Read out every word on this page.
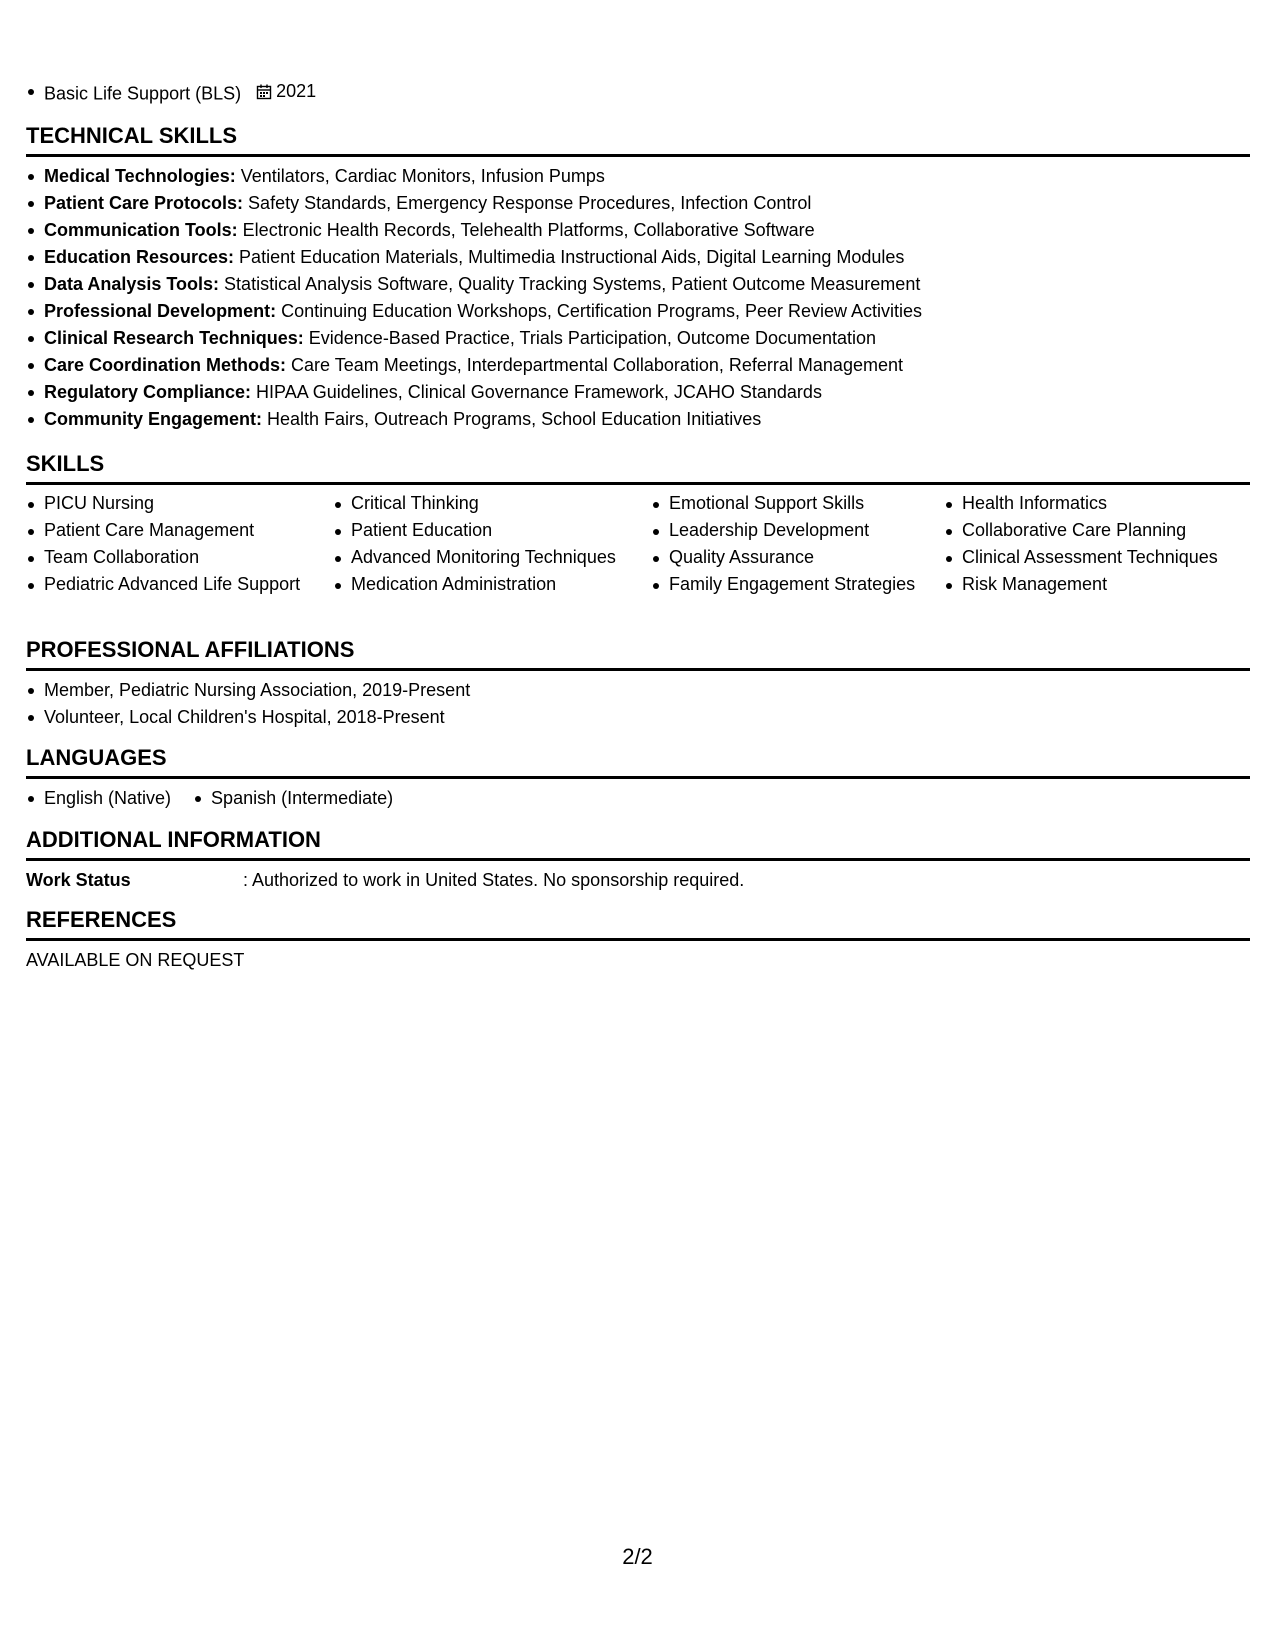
Basic Life Support (BLS) 2021
TECHNICAL SKILLS
Medical Technologies: Ventilators, Cardiac Monitors, Infusion Pumps
Patient Care Protocols: Safety Standards, Emergency Response Procedures, Infection Control
Communication Tools: Electronic Health Records, Telehealth Platforms, Collaborative Software
Education Resources: Patient Education Materials, Multimedia Instructional Aids, Digital Learning Modules
Data Analysis Tools: Statistical Analysis Software, Quality Tracking Systems, Patient Outcome Measurement
Professional Development: Continuing Education Workshops, Certification Programs, Peer Review Activities
Clinical Research Techniques: Evidence-Based Practice, Trials Participation, Outcome Documentation
Care Coordination Methods: Care Team Meetings, Interdepartmental Collaboration, Referral Management
Regulatory Compliance: HIPAA Guidelines, Clinical Governance Framework, JCAHO Standards
Community Engagement: Health Fairs, Outreach Programs, School Education Initiatives
SKILLS
PICU Nursing
Patient Care Management
Team Collaboration
Pediatric Advanced Life Support
Critical Thinking
Patient Education
Advanced Monitoring Techniques
Medication Administration
Emotional Support Skills
Leadership Development
Quality Assurance
Family Engagement Strategies
Health Informatics
Collaborative Care Planning
Clinical Assessment Techniques
Risk Management
PROFESSIONAL AFFILIATIONS
Member, Pediatric Nursing Association, 2019-Present
Volunteer, Local Children's Hospital, 2018-Present
LANGUAGES
English (Native)	Spanish (Intermediate)
ADDITIONAL INFORMATION
Work Status	: Authorized to work in United States. No sponsorship required.
REFERENCES
AVAILABLE ON REQUEST
2/2
